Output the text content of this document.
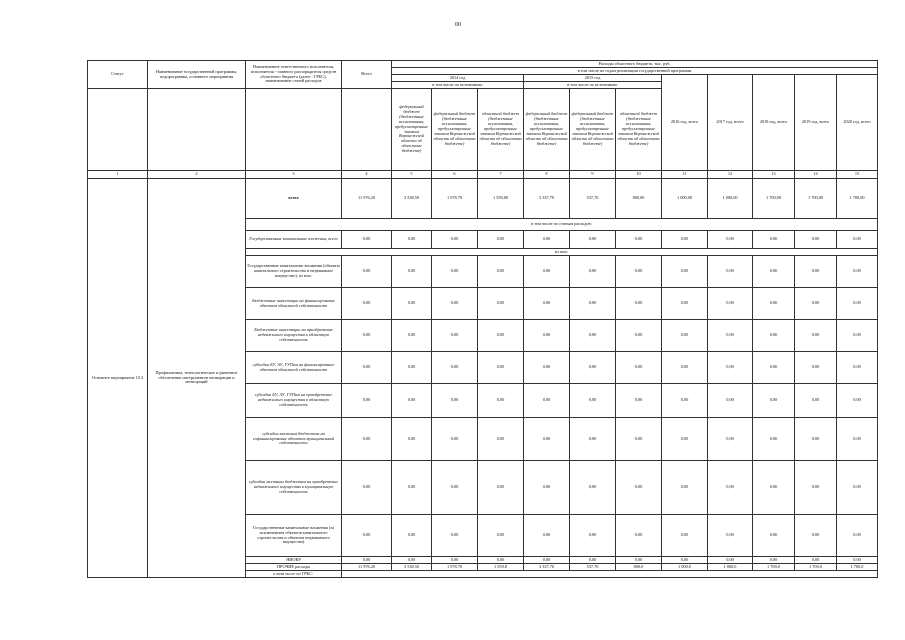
00
Статус	Наименование государственной программы, подпрограммы, основного мероприятия	Наименование ответственного исполнителя, исполнителя - главного распорядителя средств областного бюджета (далее - ГРБС), наименование статей расходов	Всего	Расходы областного бюджета, тыс. руб.										
				в том числе по годам реализации государственной программы										
				2014 год			2015 год			2016 год, всего	2017 год, всего	2018 год, всего	2019 год, всего	2020 год, всего
				в том числе по источникам:			в том числе по источникам:							
				федеральный бюджет (бюджетные ассигнования, предусмотренные законом Воронежской области об областном бюджете)	федеральный бюджет (бюджетные ассигнования, предусмотренные законом Воронежской области об областном бюджете)	областной бюджет (бюджетные ассигнования, предусмотренные законом Воронежской области об областном бюджете)	федеральный бюджет (бюджетные ассигнования, предусмотренные законом Воронежской области об областном бюджете)	федеральный бюджет (бюджетные ассигнования, предусмотренные законом Воронежской области об областном бюджете)	областной бюджет (бюджетные ассигнования, предусмотренные законом Воронежской области об областном бюджете)					
1	2	3	4	5	6	7	8	9	10	11	12	13	14	15
Основное мероприятие 10.3	Профилактика, технологическое и рыночное обеспечение инструментов мелиорации и мелиораций	всего	11 976,20	3 538,50	1 978,70	1 559,80	3 337,70	537,70	800,00	1 000,00	1 000,00	1 700,00	1 700,00	1 700,00
		в том числе по статьям расходов:												
		Государственные капитальные вложения, всего	0,00	0,00	0,00	0,00	0,00	0,00	0,00	0,00	0,00	0,00	0,00	0,00
		из них:												
		Государственные капитальные вложения (объекты капитального строительства и недвижимое имущество), из них:	0,00	0,00	0,00	0,00	0,00	0,00	0,00	0,00	0,00	0,00	0,00	0,00
		Бюджетные инвестиции на финансирование объектов областной собственности	0,00	0,00	0,00	0,00	0,00	0,00	0,00	0,00	0,00	0,00	0,00	0,00
		Бюджетные инвестиции на приобретение недвижимого имущества в областную собственность	0,00	0,00	0,00	0,00	0,00	0,00	0,00	0,00	0,00	0,00	0,00	0,00
		субсидии БУ, АУ, ГУПам на финансирование объектов областной собственности	0,00	0,00	0,00	0,00	0,00	0,00	0,00	0,00	0,00	0,00	0,00	0,00
		субсидии БУ, АУ, ГУПам на приобретение недвижимого имущества в областную собственность	0,00	0,00	0,00	0,00	0,00	0,00	0,00	0,00	0,00	0,00	0,00	0,00
		субсидии местным бюджетам на софинансирование объектов муниципальной собственности	0,00	0,00	0,00	0,00	0,00	0,00	0,00	0,00	0,00	0,00	0,00	0,00
		субсидии местным бюджетам на приобретение недвижимого имущества в муниципальную собственность	0,00	0,00	0,00	0,00	0,00	0,00	0,00	0,00	0,00	0,00	0,00	0,00
		Государственные капитальные вложения (за исключением объектов капитального строительства и объектов недвижимого имущества)	0,00	0,00	0,00	0,00	0,00	0,00	0,00	0,00	0,00	0,00	0,00	0,00
		НИОКР	0,00	0,00	0,00	0,00	0,00	0,00	0,00	0,00	0,00	0,00	0,00	0,00
		ПРОЧИЕ расходы	11 976,20	3 538,50	1 978,70	1 559,8	3 337,70	537,70	800,0	1 000,0	1 000,0	1 700,0	1 700,0	1 700,0
		в том числе по ГРБС:												
